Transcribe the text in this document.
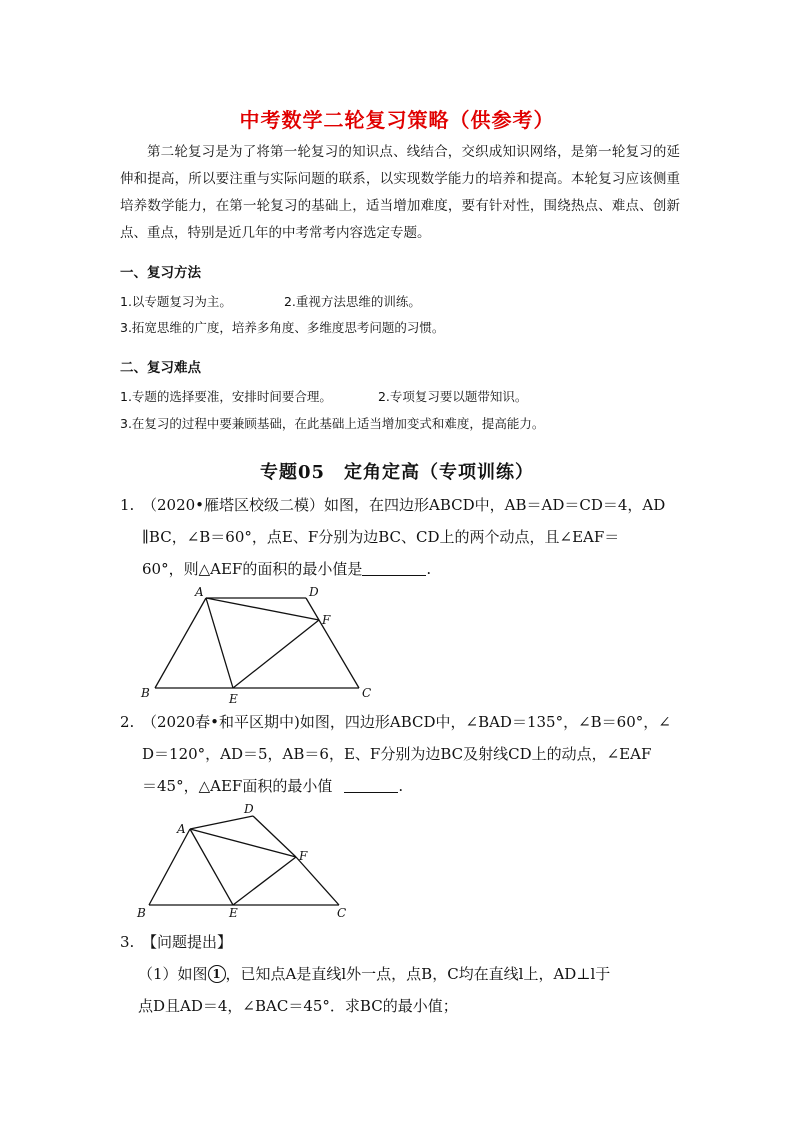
中考数学二轮复习策略（供参考）
第二轮复习是为了将第一轮复习的知识点、线结合，交织成知识网络，是第一轮复习的延伸和提高，所以要注重与实际问题的联系，以实现数学能力的培养和提高。本轮复习应该侧重培养数学能力，在第一轮复习的基础上，适当增加难度，要有针对性，围绕热点、难点、创新点、重点，特别是近几年的中考常考内容选定专题。
一、复习方法
1.以专题复习为主。	2.重视方法思维的训练。
3.拓宽思维的广度，培养多角度、多维度思考问题的习惯。
二、复习难点
1.专题的选择要准，安排时间要合理。	2.专项复习要以题带知识。
3.在复习的过程中要兼顾基础，在此基础上适当增加变式和难度，提高能力。
专题05　定角定高（专项训练）
1. （2020•雁塔区校级二模）如图，在四边形ABCD中，AB＝AD＝CD＝4，AD
∥BC，∠B＝60°，点E、F分别为边BC、CD上的两个动点，且∠EAF＝
60°，则△AEF的面积的最小值是	.
A	D
F
B	E	C
2. （2020春•和平区期中)如图，四边形ABCD中，∠BAD＝135°，∠B＝60°，∠
D＝120°，AD＝5，AB＝6，E、F分别为边BC及射线CD上的动点，∠EAF
＝45°，△AEF面积的最小值	.
D
A
F
B	E	C
3. 【问题提出】
（1）如图 1 ，已知点A是直线l外一点，点B，C均在直线l上，AD⊥l于
点D且AD＝4，∠BAC＝45°．求BC的最小值；
